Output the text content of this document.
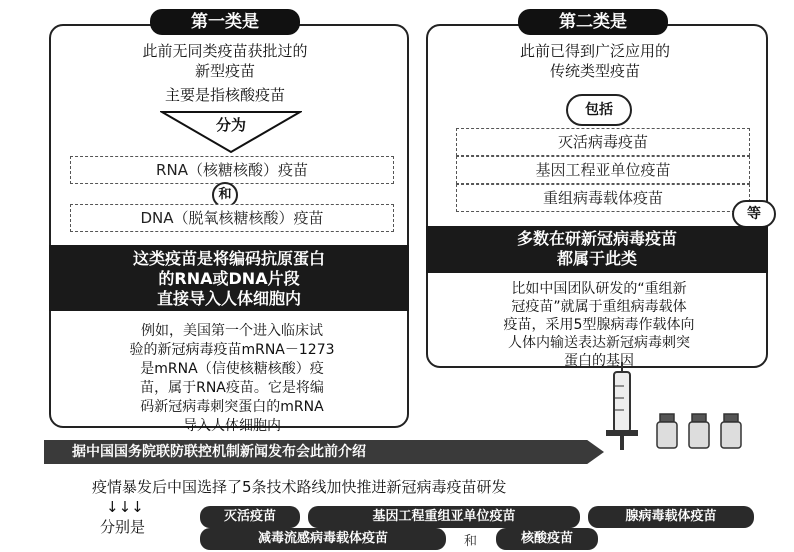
第一类是
此前无同类疫苗获批过的
新型疫苗
主要是指核酸疫苗
分为
RNA（核糖核酸）疫苗
和
DNA（脱氧核糖核酸）疫苗
这类疫苗是将编码抗原蛋白
的RNA或DNA片段
直接导入人体细胞内
例如，美国第一个进入临床试
验的新冠病毒疫苗mRNA－1273
是mRNA（信使核糖核酸）疫
苗，属于RNA疫苗。它是将编
码新冠病毒刺突蛋白的mRNA
导入人体细胞内
第二类是
此前已得到广泛应用的
传统类型疫苗
包括
灭活病毒疫苗
基因工程亚单位疫苗
重组病毒载体疫苗
等
多数在研新冠病毒疫苗
都属于此类
比如中国团队研发的“重组新
冠疫苗”就属于重组病毒载体
疫苗，采用5型腺病毒作载体向
人体内输送表达新冠病毒刺突
蛋白的基因
据中国国务院联防联控机制新闻发布会此前介绍
疫情暴发后中国选择了5条技术路线加快推进新冠病毒疫苗研发
↓↓↓
分别是
灭活疫苗	基因工程重组亚单位疫苗	腺病毒载体疫苗
减毒流感病毒载体疫苗	和	核酸疫苗
